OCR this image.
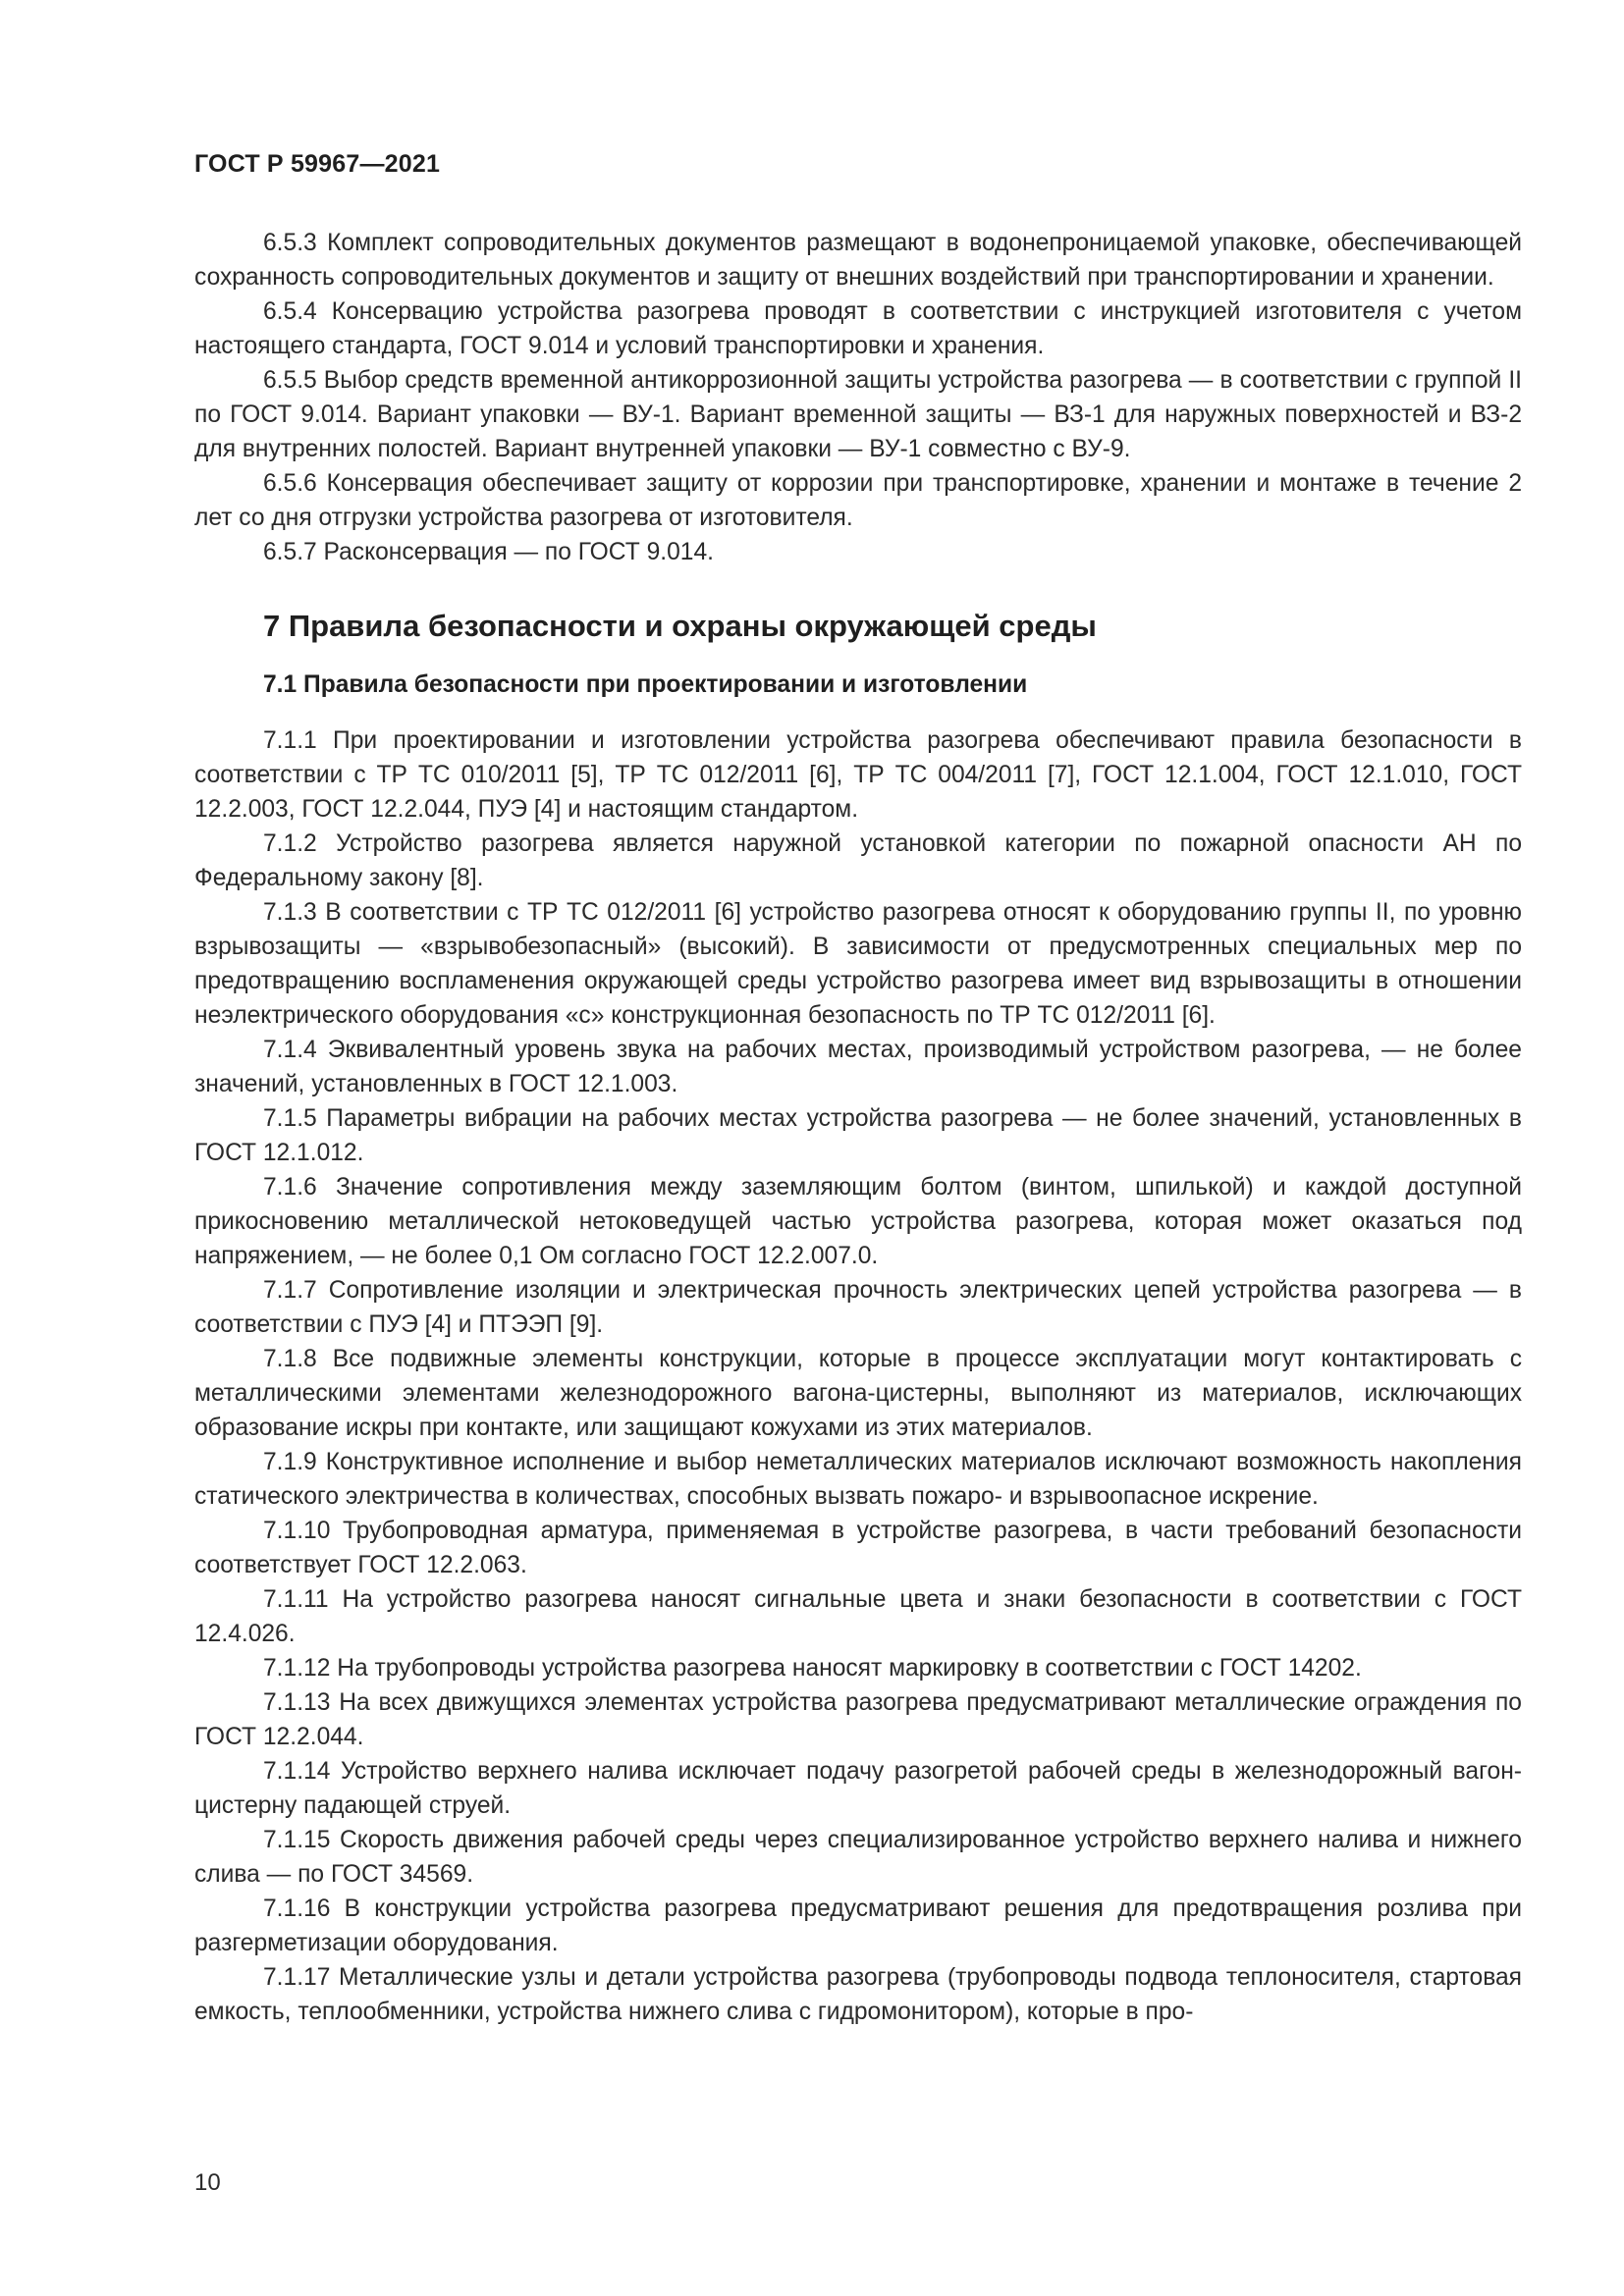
ГОСТ Р 59967—2021

6.5.3 Комплект сопроводительных документов размещают в водонепроницаемой упаковке, обеспечивающей сохранность сопроводительных документов и защиту от внешних воздействий при транспортировании и хранении.

6.5.4 Консервацию устройства разогрева проводят в соответствии с инструкцией изготовителя с учетом настоящего стандарта, ГОСТ 9.014 и условий транспортировки и хранения.

6.5.5 Выбор средств временной антикоррозионной защиты устройства разогрева — в соответствии с группой II по ГОСТ 9.014. Вариант упаковки — ВУ-1. Вариант временной защиты — ВЗ-1 для наружных поверхностей и ВЗ-2 для внутренних полостей. Вариант внутренней упаковки — ВУ-1 совместно с ВУ-9.

6.5.6 Консервация обеспечивает защиту от коррозии при транспортировке, хранении и монтаже в течение 2 лет со дня отгрузки устройства разогрева от изготовителя.

6.5.7 Расконсервация — по ГОСТ 9.014.

7 Правила безопасности и охраны окружающей среды
7.1 Правила безопасности при проектировании и изготовлении

7.1.1 При проектировании и изготовлении устройства разогрева обеспечивают правила безопасности в соответствии с ТР ТС 010/2011 [5], ТР ТС 012/2011 [6], ТР ТС 004/2011 [7], ГОСТ 12.1.004, ГОСТ 12.1.010, ГОСТ 12.2.003, ГОСТ 12.2.044, ПУЭ [4] и настоящим стандартом.

7.1.2 Устройство разогрева является наружной установкой категории по пожарной опасности АН по Федеральному закону [8].

7.1.3 В соответствии с ТР ТС 012/2011 [6] устройство разогрева относят к оборудованию группы II, по уровню взрывозащиты — «взрывобезопасный» (высокий). В зависимости от предусмотренных специальных мер по предотвращению воспламенения окружающей среды устройство разогрева имеет вид взрывозащиты в отношении неэлектрического оборудования «с» конструкционная безопасность по ТР ТС 012/2011 [6].

7.1.4 Эквивалентный уровень звука на рабочих местах, производимый устройством разогрева, — не более значений, установленных в ГОСТ 12.1.003.

7.1.5 Параметры вибрации на рабочих местах устройства разогрева — не более значений, установленных в ГОСТ 12.1.012.

7.1.6 Значение сопротивления между заземляющим болтом (винтом, шпилькой) и каждой доступной прикосновению металлической нетоковедущей частью устройства разогрева, которая может оказаться под напряжением, — не более 0,1 Ом согласно ГОСТ 12.2.007.0.

7.1.7 Сопротивление изоляции и электрическая прочность электрических цепей устройства разогрева — в соответствии с ПУЭ [4] и ПТЭЭП [9].

7.1.8 Все подвижные элементы конструкции, которые в процессе эксплуатации могут контактировать с металлическими элементами железнодорожного вагона-цистерны, выполняют из материалов, исключающих образование искры при контакте, или защищают кожухами из этих материалов.

7.1.9 Конструктивное исполнение и выбор неметаллических материалов исключают возможность накопления статического электричества в количествах, способных вызвать пожаро- и взрывоопасное искрение.

7.1.10 Трубопроводная арматура, применяемая в устройстве разогрева, в части требований безопасности соответствует ГОСТ 12.2.063.

7.1.11 На устройство разогрева наносят сигнальные цвета и знаки безопасности в соответствии с ГОСТ 12.4.026.

7.1.12 На трубопроводы устройства разогрева наносят маркировку в соответствии с ГОСТ 14202.

7.1.13 На всех движущихся элементах устройства разогрева предусматривают металлические ограждения по ГОСТ 12.2.044.

7.1.14 Устройство верхнего налива исключает подачу разогретой рабочей среды в железнодорожный вагон-цистерну падающей струей.

7.1.15 Скорость движения рабочей среды через специализированное устройство верхнего налива и нижнего слива — по ГОСТ 34569.

7.1.16 В конструкции устройства разогрева предусматривают решения для предотвращения розлива при разгерметизации оборудования.

7.1.17 Металлические узлы и детали устройства разогрева (трубопроводы подвода теплоносителя, стартовая емкость, теплообменники, устройства нижнего слива с гидромонитором), которые в про-

10
